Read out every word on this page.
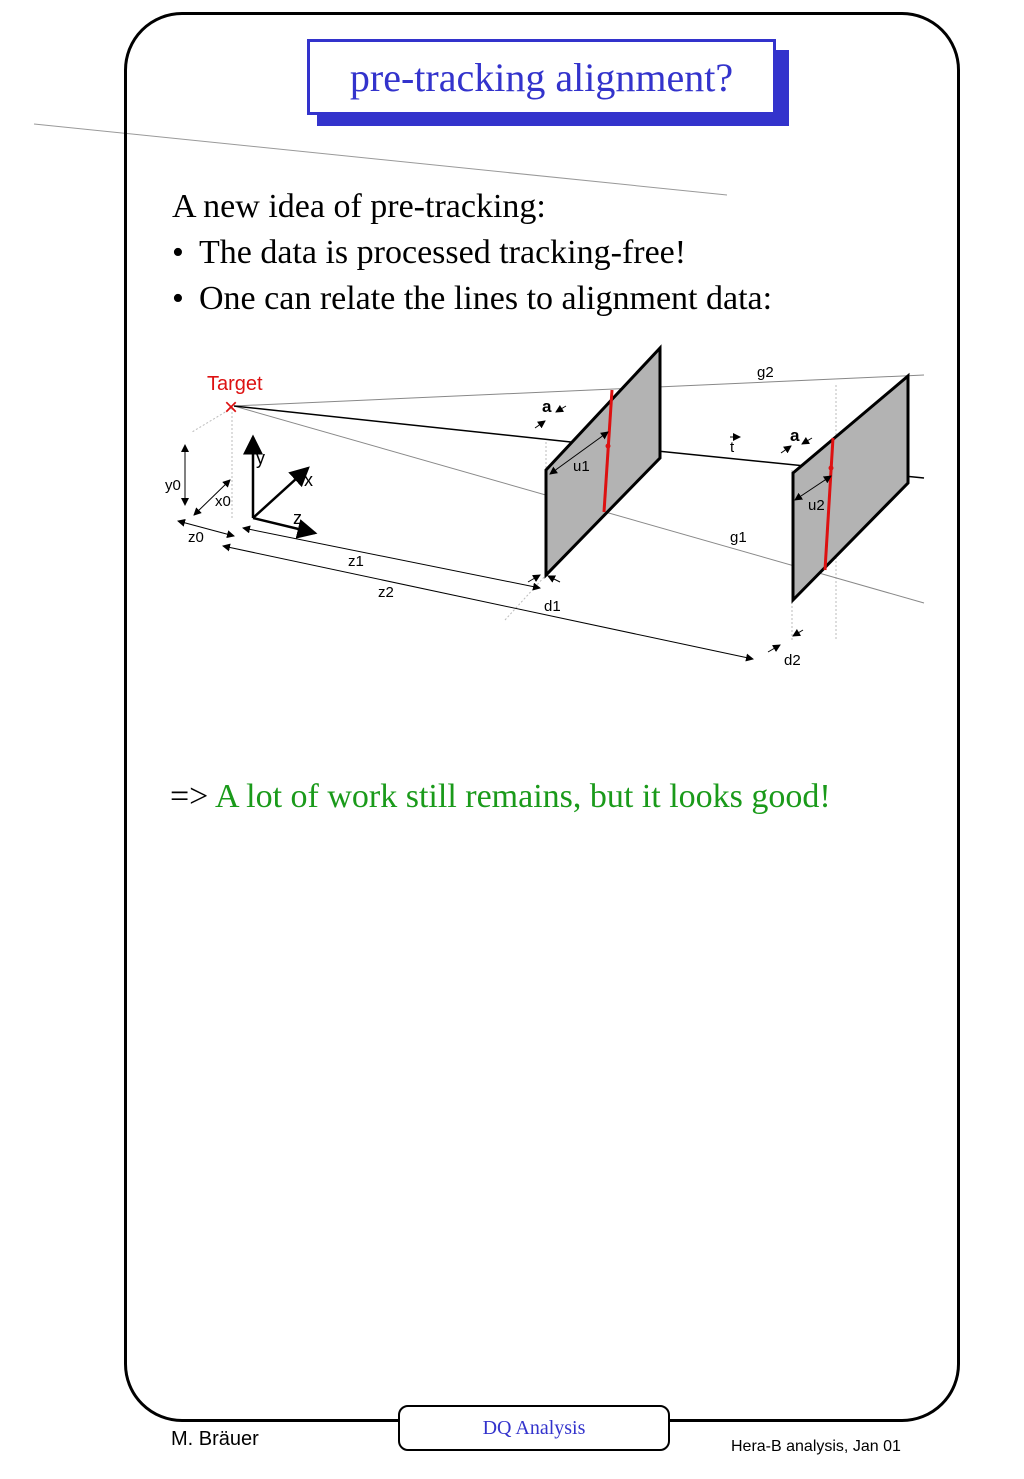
pre-tracking alignment?
A new idea of pre-tracking:
• The data is processed tracking-free!
• One can relate the lines to alignment data:
Target
×
y
x
z
y0
x0
z0
z1
z2
d1
d2
u1
u2
g1
g2
t
a
a
=> A lot of work still remains, but it looks good!
M. Bräuer
DQ Analysis
Hera-B analysis, Jan 01
